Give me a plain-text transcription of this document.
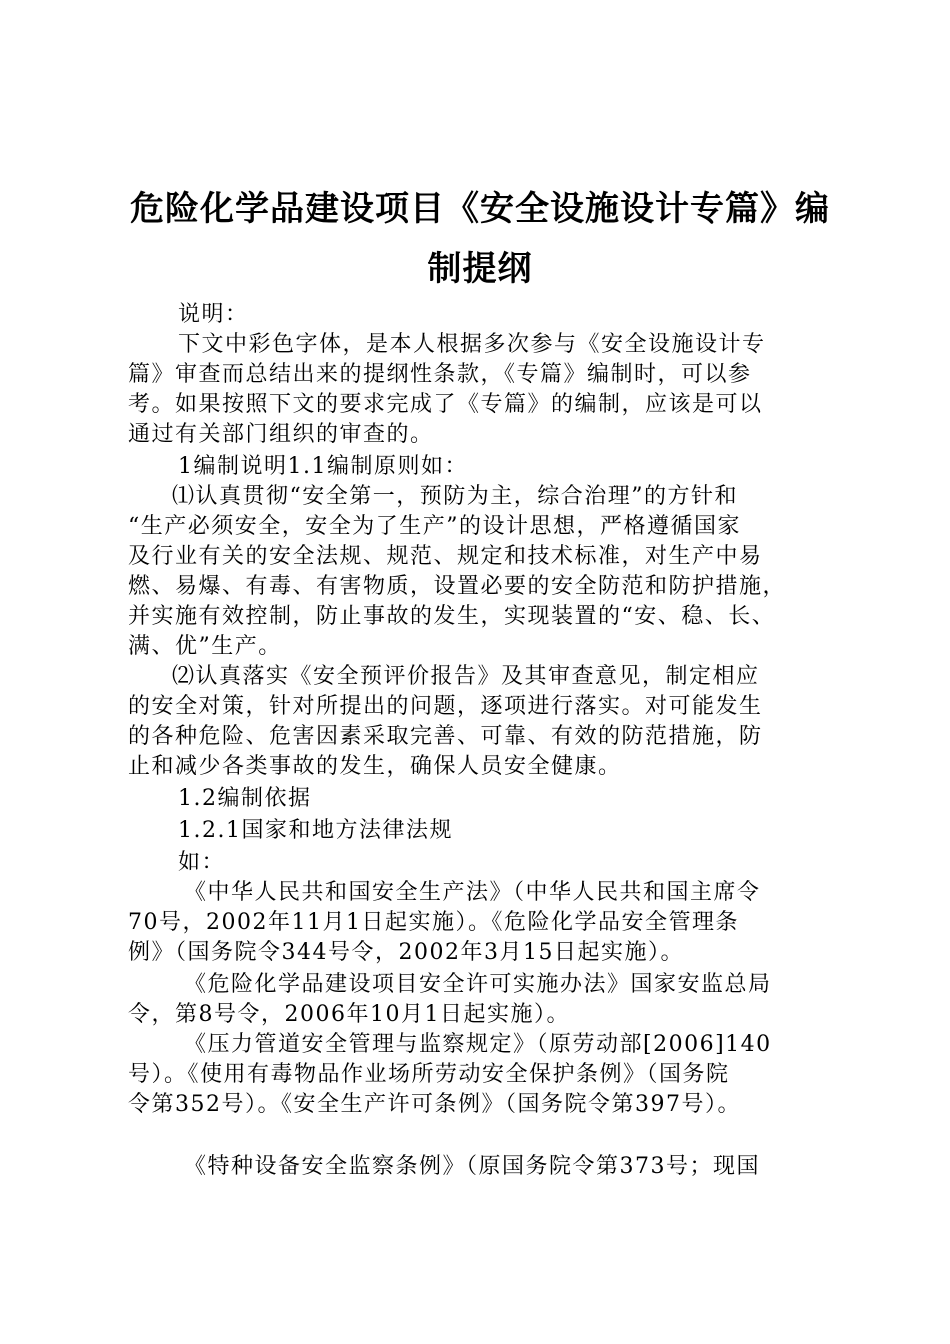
危险化学品建设项目《安全设施设计专篇》编
制提纲
说明：
下文中彩色字体，是本人根据多次参与《安全设施设计专
篇》审查而总结出来的提纲性条款，《专篇》编制时，可以参
考。如果按照下文的要求完成了《专篇》的编制，应该是可以
通过有关部门组织的审查的。
1编制说明1.1编制原则如：
⑴认真贯彻“安全第一，预防为主，综合治理”的方针和
“生产必须安全，安全为了生产”的设计思想，严格遵循国家
及行业有关的安全法规、规范、规定和技术标准，对生产中易
燃、易爆、有毒、有害物质，设置必要的安全防范和防护措施，
并实施有效控制，防止事故的发生，实现装置的“安、稳、长、
满、优”生产。
⑵认真落实《安全预评价报告》及其审查意见，制定相应
的安全对策，针对所提出的问题，逐项进行落实。对可能发生
的各种危险、危害因素采取完善、可靠、有效的防范措施，防
止和减少各类事故的发生，确保人员安全健康。
1.2编制依据
1.2.1国家和地方法律法规
如：
《中华人民共和国安全生产法》（中华人民共和国主席令
70号，2002年11月1日起实施）。《危险化学品安全管理条
例》（国务院令344号令，2002年3月15日起实施）。
《危险化学品建设项目安全许可实施办法》国家安监总局
令，第8号令，2006年10月1日起实施）。
《压力管道安全管理与监察规定》（原劳动部[2006]140
号）。《使用有毒物品作业场所劳动安全保护条例》（国务院
令第352号）。《安全生产许可条例》（国务院令第397号）。
《特种设备安全监察条例》（原国务院令第373号；现国
